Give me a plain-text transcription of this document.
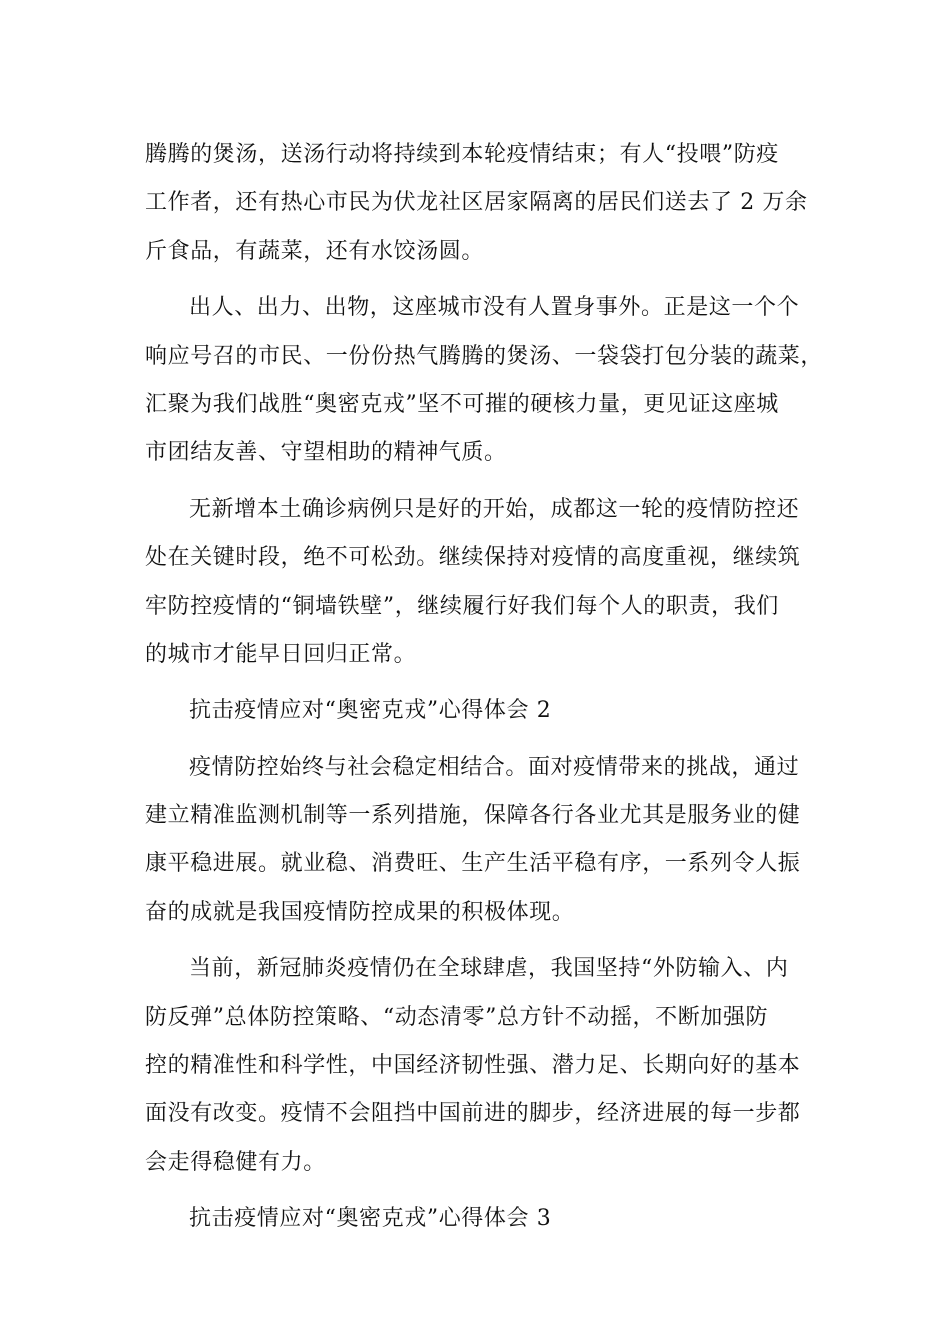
腾腾的煲汤，送汤行动将持续到本轮疫情结束；有人“投喂”防疫
工作者，还有热心市民为伏龙社区居家隔离的居民们送去了 2 万余
斤食品，有蔬菜，还有水饺汤圆。
出人、出力、出物，这座城市没有人置身事外。正是这一个个
响应号召的市民、一份份热气腾腾的煲汤、一袋袋打包分装的蔬菜，
汇聚为我们战胜“奥密克戎”坚不可摧的硬核力量，更见证这座城
市团结友善、守望相助的精神气质。
无新增本土确诊病例只是好的开始，成都这一轮的疫情防控还
处在关键时段，绝不可松劲。继续保持对疫情的高度重视，继续筑
牢防控疫情的“铜墙铁壁”，继续履行好我们每个人的职责，我们
的城市才能早日回归正常。
抗击疫情应对“奥密克戎”心得体会 2
疫情防控始终与社会稳定相结合。面对疫情带来的挑战，通过
建立精准监测机制等一系列措施，保障各行各业尤其是服务业的健
康平稳进展。就业稳、消费旺、生产生活平稳有序，一系列令人振
奋的成就是我国疫情防控成果的积极体现。
当前，新冠肺炎疫情仍在全球肆虐，我国坚持“外防输入、内
防反弹”总体防控策略、“动态清零”总方针不动摇，不断加强防
控的精准性和科学性，中国经济韧性强、潜力足、长期向好的基本
面没有改变。疫情不会阻挡中国前进的脚步，经济进展的每一步都
会走得稳健有力。
抗击疫情应对“奥密克戎”心得体会 3
